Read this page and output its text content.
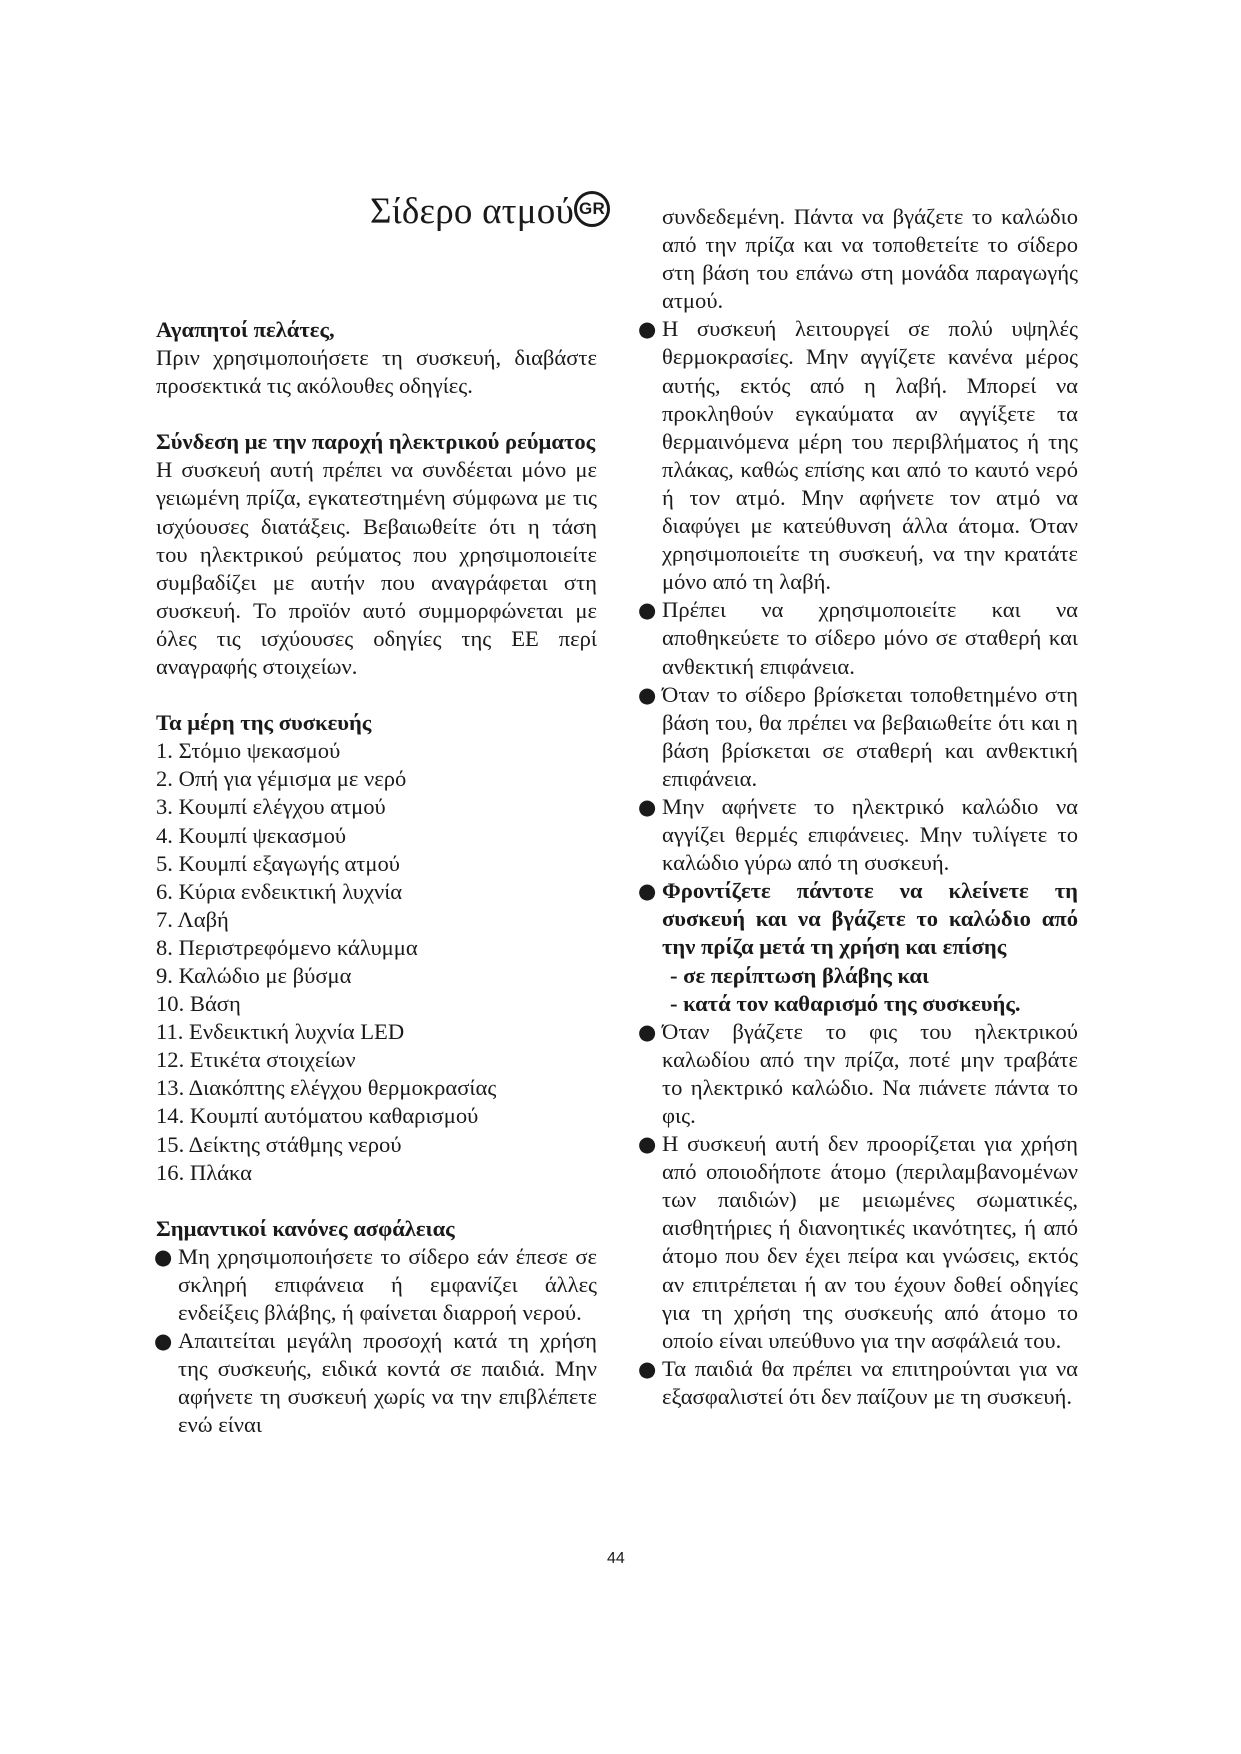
Σίδερο ατμού GR

Αγαπητοί πελάτες,

Πριν χρησιμοποιήσετε τη συσκευή, διαβάστε προσεκτικά τις ακόλουθες οδηγίες.

Σύνδεση με την παροχή ηλεκτρικού ρεύματος

Η συσκευή αυτή πρέπει να συνδέεται μόνο με γειωμένη πρίζα, εγκατεστημένη σύμφωνα με τις ισχύουσες διατάξεις. Βεβαιωθείτε ότι η τάση του ηλεκτρικού ρεύματος που χρησιμοποιείτε συμβαδίζει με αυτήν που αναγράφεται στη συσκευή. Το προϊόν αυτό συμμορφώνεται με όλες τις ισχύουσες οδηγίες της ΕΕ περί αναγραφής στοιχείων.

Τα μέρη της συσκευής

1. Στόμιο ψεκασμού

2. Οπή για γέμισμα με νερό

3. Κουμπί ελέγχου ατμού

4. Κουμπί ψεκασμού

5. Κουμπί εξαγωγής ατμού

6. Κύρια ενδεικτική λυχνία

7. Λαβή

8. Περιστρεφόμενο κάλυμμα

9. Καλώδιο με βύσμα

10. Βάση

11. Ενδεικτική λυχνία LED

12. Ετικέτα στοιχείων

13. Διακόπτης ελέγχου θερμοκρασίας

14. Κουμπί αυτόματου καθαρισμού

15. Δείκτης στάθμης νερού

16. Πλάκα

Σημαντικοί κανόνες ασφάλειας

● Μη χρησιμοποιήσετε το σίδερο εάν έπεσε σε σκληρή επιφάνεια ή εμφανίζει άλλες ενδείξεις βλάβης, ή φαίνεται διαρροή νερού.

● Απαιτείται μεγάλη προσοχή κατά τη χρήση της συσκευής, ειδικά κοντά σε παιδιά. Μην αφήνετε τη συσκευή χωρίς να την επιβλέπετε ενώ είναι

συνδεδεμένη. Πάντα να βγάζετε το καλώδιο από την πρίζα και να τοποθετείτε το σίδερο στη βάση του επάνω στη μονάδα παραγωγής ατμού.

● Η συσκευή λειτουργεί σε πολύ υψηλές θερμοκρασίες. Μην αγγίζετε κανένα μέρος αυτής, εκτός από η λαβή. Μπορεί να προκληθούν εγκαύματα αν αγγίξετε τα θερμαινόμενα μέρη του περιβλήματος ή της πλάκας, καθώς επίσης και από το καυτό νερό ή τον ατμό. Μην αφήνετε τον ατμό να διαφύγει με κατεύθυνση άλλα άτομα. Όταν χρησιμοποιείτε τη συσκευή, να την κρατάτε μόνο από τη λαβή.

● Πρέπει να χρησιμοποιείτε και να αποθηκεύετε το σίδερο μόνο σε σταθερή και ανθεκτική επιφάνεια.

● Όταν το σίδερο βρίσκεται τοποθετημένο στη βάση του, θα πρέπει να βεβαιωθείτε ότι και η βάση βρίσκεται σε σταθερή και ανθεκτική επιφάνεια.

● Μην αφήνετε το ηλεκτρικό καλώδιο να αγγίζει θερμές επιφάνειες. Μην τυλίγετε το καλώδιο γύρω από τη συσκευή.

● Φροντίζετε πάντοτε να κλείνετε τη συσκευή και να βγάζετε το καλώδιο από την πρίζα μετά τη χρήση και επίσης

- σε περίπτωση βλάβης και

- κατά τον καθαρισμό της συσκευής.

● Όταν βγάζετε το φις του ηλεκτρικού καλωδίου από την πρίζα, ποτέ μην τραβάτε το ηλεκτρικό καλώδιο. Να πιάνετε πάντα το φις.

● Η συσκευή αυτή δεν προορίζεται για χρήση από οποιοδήποτε άτομο (περιλαμβανομένων των παιδιών) με μειωμένες σωματικές, αισθητήριες ή διανοητικές ικανότητες, ή από άτομο που δεν έχει πείρα και γνώσεις, εκτός αν επιτρέπεται ή αν του έχουν δοθεί οδηγίες για τη χρήση της συσκευής από άτομο το οποίο είναι υπεύθυνο για την ασφάλειά του.

● Τα παιδιά θα πρέπει να επιτηρούνται για να εξασφαλιστεί ότι δεν παίζουν με τη συσκευή.

44
